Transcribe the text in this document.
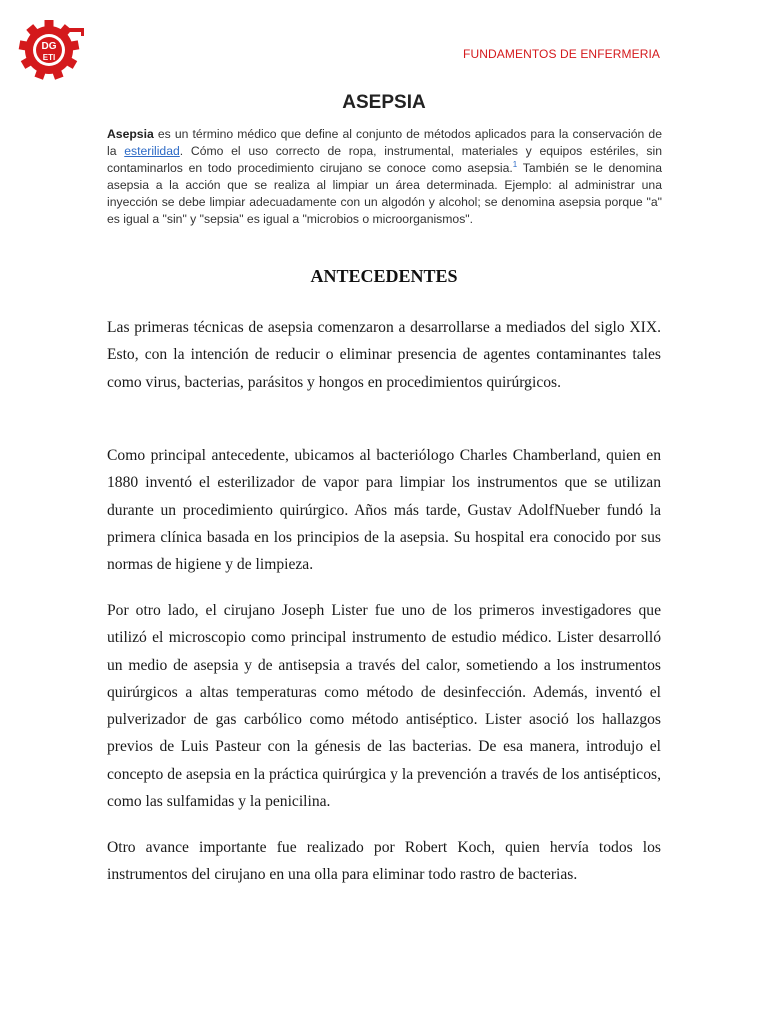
DG
ETI	FUNDAMENTOS DE ENFERMERIA
ASEPSIA
Asepsia es un término médico que define al conjunto de métodos aplicados para la conservación de la esterilidad. Cómo el uso correcto de ropa, instrumental, materiales y equipos estériles, sin contaminarlos en todo procedimiento cirujano se conoce como asepsia.$^1$ También se le denomina asepsia a la acción que se realiza al limpiar un área determinada. Ejemplo: al administrar una inyección se debe limpiar adecuadamente con un algodón y alcohol; se denomina asepsia porque "a" es igual a "sin" y "sepsia" es igual a "microbios o microorganismos".
ANTECEDENTES

Las primeras técnicas de asepsia comenzaron a desarrollarse a mediados del siglo XIX. Esto, con la intención de reducir o eliminar presencia de agentes contaminantes tales como virus, bacterias, parásitos y hongos en procedimientos quirúrgicos.

Como principal antecedente, ubicamos al bacteriólogo Charles Chamberland, quien en 1880 inventó el esterilizador de vapor para limpiar los instrumentos que se utilizan durante un procedimiento quirúrgico. Años más tarde, Gustav AdolfNueber fundó la primera clínica basada en los principios de la asepsia. Su hospital era conocido por sus normas de higiene y de limpieza.

Por otro lado, el cirujano Joseph Lister fue uno de los primeros investigadores que utilizó el microscopio como principal instrumento de estudio médico. Lister desarrolló un medio de asepsia y de antisepsia a través del calor, sometiendo a los instrumentos quirúrgicos a altas temperaturas como método de desinfección. Además, inventó el pulverizador de gas carbólico como método antiséptico. Lister asoció los hallazgos previos de Luis Pasteur con la génesis de las bacterias. De esa manera, introdujo el concepto de asepsia en la práctica quirúrgica y la prevención a través de los antisépticos, como las sulfamidas y la penicilina.

Otro avance importante fue realizado por Robert Koch, quien hervía todos los instrumentos del cirujano en una olla para eliminar todo rastro de bacterias.
